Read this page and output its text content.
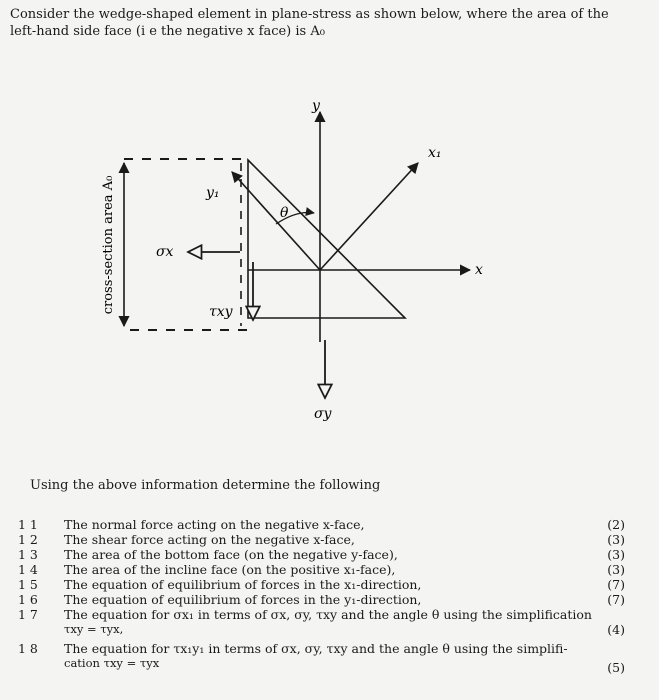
Consider the wedge-shaped element in plane-stress as shown below, where the area of the
left-hand side face (i e the negative x face) is A₀
cross-section area A₀
y
x
x₁
y₁
θ
σx
τxy
σy
Using the above information determine the following
1 1	The normal force acting on the negative x-face,	(2)
1 2	The shear force acting on the negative x-face,	(3)
1 3	The area of the bottom face (on the negative y-face),	(3)
1 4	The area of the incline face (on the positive x₁-face),	(3)
1 5	The equation of equilibrium of forces in the x₁-direction,	(7)
1 6	The equation of equilibrium of forces in the y₁-direction,	(7)
1 7	The equation for σx₁ in terms of σx, σy, τxy and the angle θ using the simplification
τxy = τyx,	(4)
1 8	The equation for τx₁y₁ in terms of σx, σy, τxy and the angle θ using the simplifi-
cation τxy = τyx	(5)
